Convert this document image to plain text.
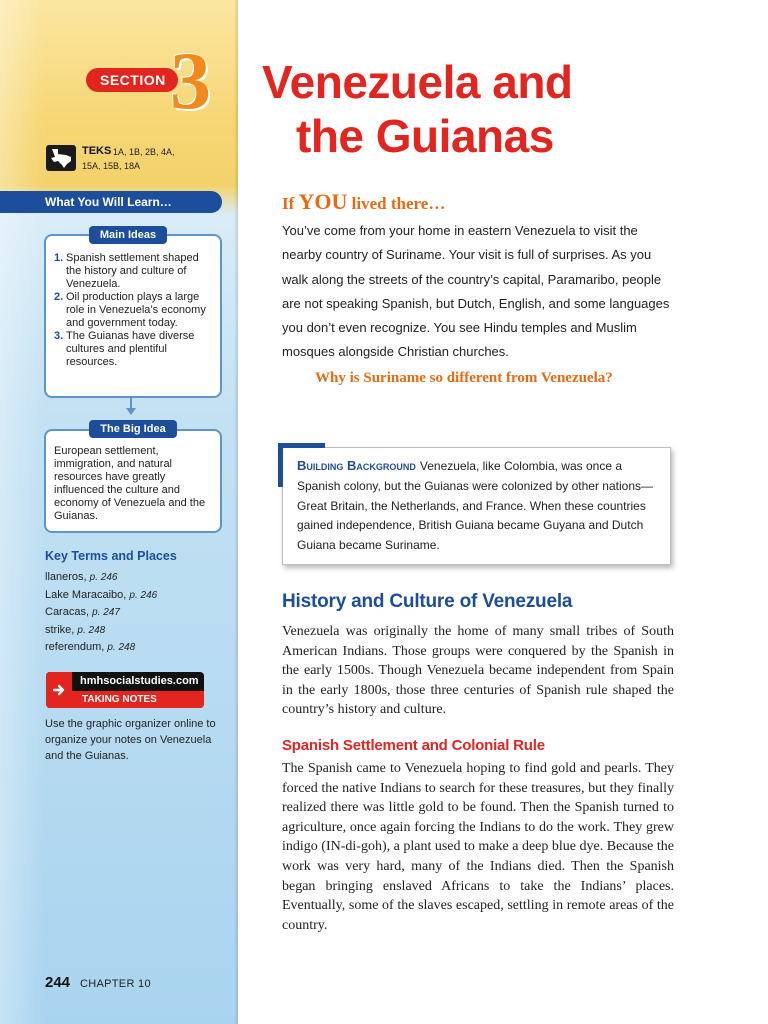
SECTION 3
TEKS 1A, 1B, 2B, 4A,
15A, 15B, 18A
What You Will Learn…
1. Spanish settlement shaped the history and culture of Venezuela.
2. Oil production plays a large role in Venezuela’s economy and government today.
3. The Guianas have diverse cultures and plentiful resources.
Main Ideas
European settlement, immigration, and natural resources have greatly influenced the culture and economy of Venezuela and the Guianas.
The Big Idea
Key Terms and Places
llaneros, p. 246
Lake Maracaibo, p. 246
Caracas, p. 247
strike, p. 248
referendum, p. 248
hmhsocialstudies.com
TAKING NOTES
Use the graphic organizer online to organize your notes on Venezuela and the Guianas.
244 CHAPTER 10
Venezuela and
the Guianas
If YOU lived there…

You’ve come from your home in eastern Venezuela to visit the nearby country of Suriname. Your visit is full of surprises. As you walk along the streets of the country’s capital, Paramaribo, people are not speaking Spanish, but Dutch, English, and some languages you don’t even recognize. You see Hindu temples and Muslim mosques alongside Christian churches.

Why is Suriname so different from Venezuela?

Building Background Venezuela, like Colombia, was once a Spanish colony, but the Guianas were colonized by other nations—Great Britain, the Netherlands, and France. When these countries gained independence, British Guiana became Guyana and Dutch Guiana became Suriname.

History and Culture of Venezuela

Venezuela was originally the home of many small tribes of South American Indians. Those groups were conquered by the Spanish in the early 1500s. Though Venezuela became independent from Spain in the early 1800s, those three centuries of Spanish rule shaped the country’s history and culture.

Spanish Settlement and Colonial Rule

The Spanish came to Venezuela hoping to find gold and pearls. They forced the native Indians to search for these treasures, but they finally realized there was little gold to be found. Then the Spanish turned to agriculture, once again forcing the Indians to do the work. They grew indigo (IN-di-goh), a plant used to make a deep blue dye. Because the work was very hard, many of the Indians died. Then the Spanish began bringing enslaved Africans to take the Indians’ places. Eventually, some of the slaves escaped, settling in remote areas of the country.
